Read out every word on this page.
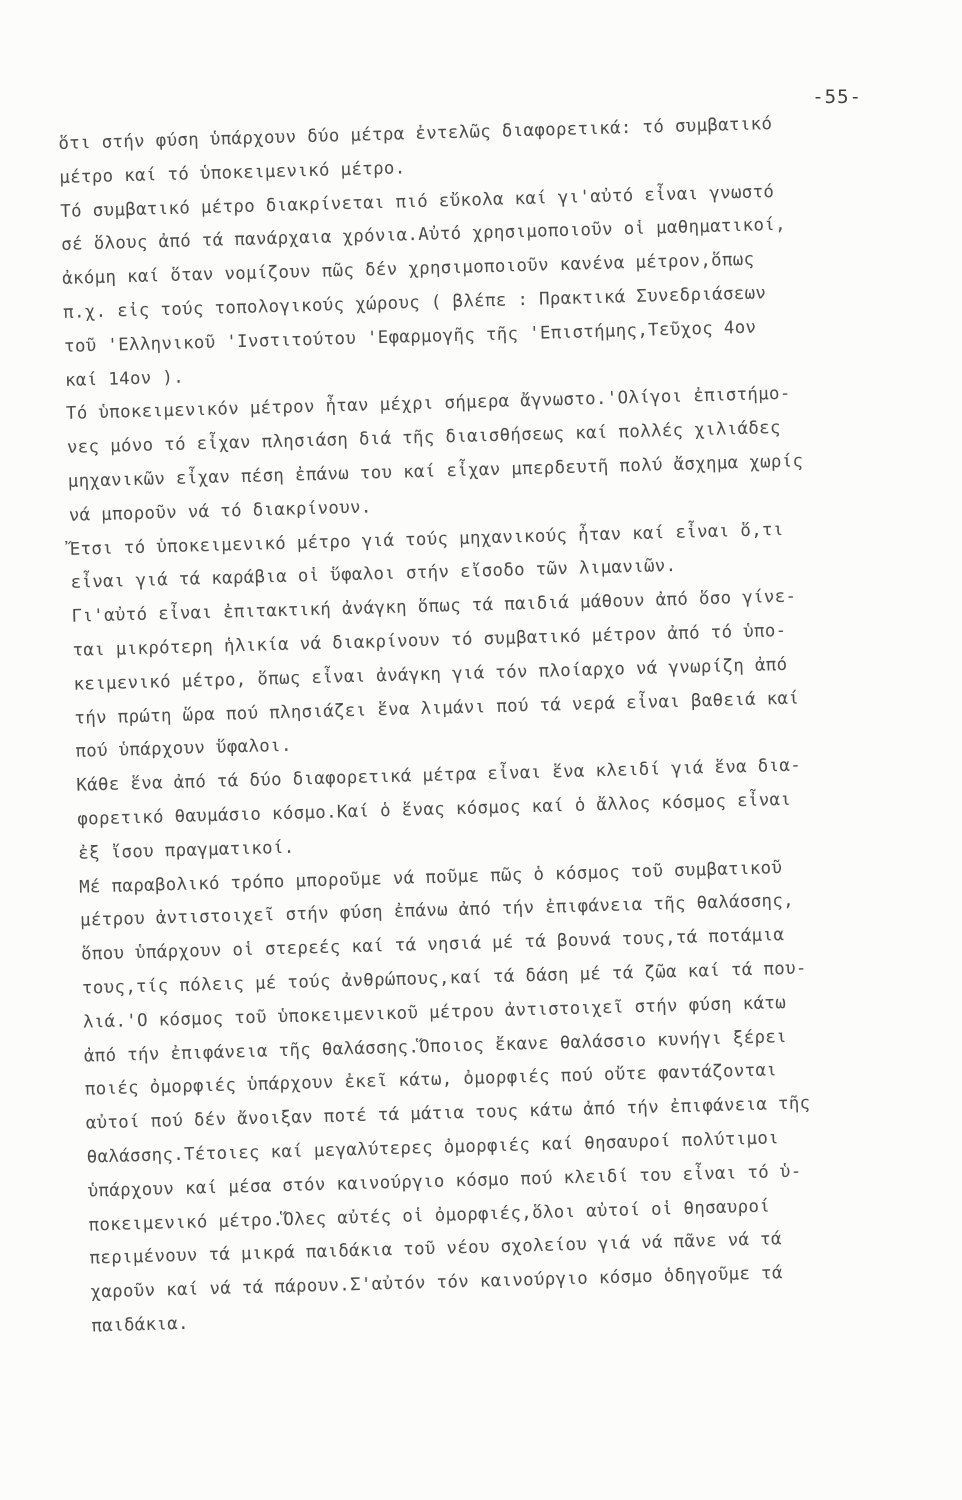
-55-
ὅτι στήν φύση ὑπάρχουν δύο μέτρα ἐντελῶς διαφορετικά: τό συμβατικό
μέτρο καί τό ὑποκειμενικό μέτρο.
Τό συμβατικό μέτρο διακρίνεται πιό εὔκολα καί γι'αὐτό εἶναι γνωστό
σέ ὅλους ἀπό τά πανάρχαια χρόνια.Αὐτό χρησιμοποιοῦν οἱ μαθηματικοί,
ἀκόμη καί ὅταν νομίζουν πῶς δέν χρησιμοποιοῦν κανένα μέτρον,ὅπως
π.χ. εἰς τούς τοπολογικούς χώρους ( βλέπε : Πρακτικά Συνεδριάσεων
τοῦ 'Ελληνικοῦ 'Ινστιτούτου 'Εφαρμογῆς τῆς 'Επιστήμης,Τεῦχος 4ον
καί 14ον ).
Τό ὑποκειμενικόν μέτρον ἦταν μέχρι σήμερα ἄγνωστο.'Ολίγοι ἐπιστήμο-
νες μόνο τό εἶχαν πλησιάση διά τῆς διαισθήσεως καί πολλές χιλιάδες
μηχανικῶν εἶχαν πέση ἐπάνω του καί εἶχαν μπερδευτῆ πολύ ἄσχημα χωρίς
νά μποροῦν νά τό διακρίνουν.
Ἔτσι τό ὑποκειμενικό μέτρο γιά τούς μηχανικούς ἦταν καί εἶναι ὅ,τι
εἶναι γιά τά καράβια οἱ ὕφαλοι στήν εἴσοδο τῶν λιμανιῶν.
Γι'αὐτό εἶναι ἐπιτακτική ἀνάγκη ὅπως τά παιδιά μάθουν ἀπό ὅσο γίνε-
ται μικρότερη ἡλικία νά διακρίνουν τό συμβατικό μέτρον ἀπό τό ὑπο-
κειμενικό μέτρο, ὅπως εἶναι ἀνάγκη γιά τόν πλοίαρχο νά γνωρίζη ἀπό
τήν πρώτη ὥρα πού πλησιάζει ἕνα λιμάνι πού τά νερά εἶναι βαθειά καί
πού ὑπάρχουν ὕφαλοι.
Κάθε ἕνα ἀπό τά δύο διαφορετικά μέτρα εἶναι ἕνα κλειδί γιά ἕνα δια-
φορετικό θαυμάσιο κόσμο.Καί ὁ ἕνας κόσμος καί ὁ ἄλλος κόσμος εἶναι
ἐξ ἴσου πραγματικοί.
Μέ παραβολικό τρόπο μποροῦμε νά ποῦμε πῶς ὁ κόσμος τοῦ συμβατικοῦ
μέτρου ἀντιστοιχεῖ στήν φύση ἐπάνω ἀπό τήν ἐπιφάνεια τῆς θαλάσσης,
ὅπου ὑπάρχουν οἱ στερεές καί τά νησιά μέ τά βουνά τους,τά ποτάμια
τους,τίς πόλεις μέ τούς ἀνθρώπους,καί τά δάση μέ τά ζῶα καί τά που-
λιά.'Ο κόσμος τοῦ ὑποκειμενικοῦ μέτρου ἀντιστοιχεῖ στήν φύση κάτω
ἀπό τήν ἐπιφάνεια τῆς θαλάσσης.Ὅποιος ἔκανε θαλάσσιο κυνήγι ξέρει
ποιές ὀμορφιές ὑπάρχουν ἐκεῖ κάτω, ὀμορφιές πού οὔτε φαντάζονται
αὐτοί πού δέν ἄνοιξαν ποτέ τά μάτια τους κάτω ἀπό τήν ἐπιφάνεια τῆς
θαλάσσης.Τέτοιες καί μεγαλύτερες ὀμορφιές καί θησαυροί πολύτιμοι
ὑπάρχουν καί μέσα στόν καινούργιο κόσμο πού κλειδί του εἶναι τό ὑ-
ποκειμενικό μέτρο.Ὅλες αὐτές οἱ ὀμορφιές,ὅλοι αὐτοί οἱ θησαυροί
περιμένουν τά μικρά παιδάκια τοῦ νέου σχολείου γιά νά πᾶνε νά τά
χαροῦν καί νά τά πάρουν.Σ'αὐτόν τόν καινούργιο κόσμο ὁδηγοῦμε τά
παιδάκια.
